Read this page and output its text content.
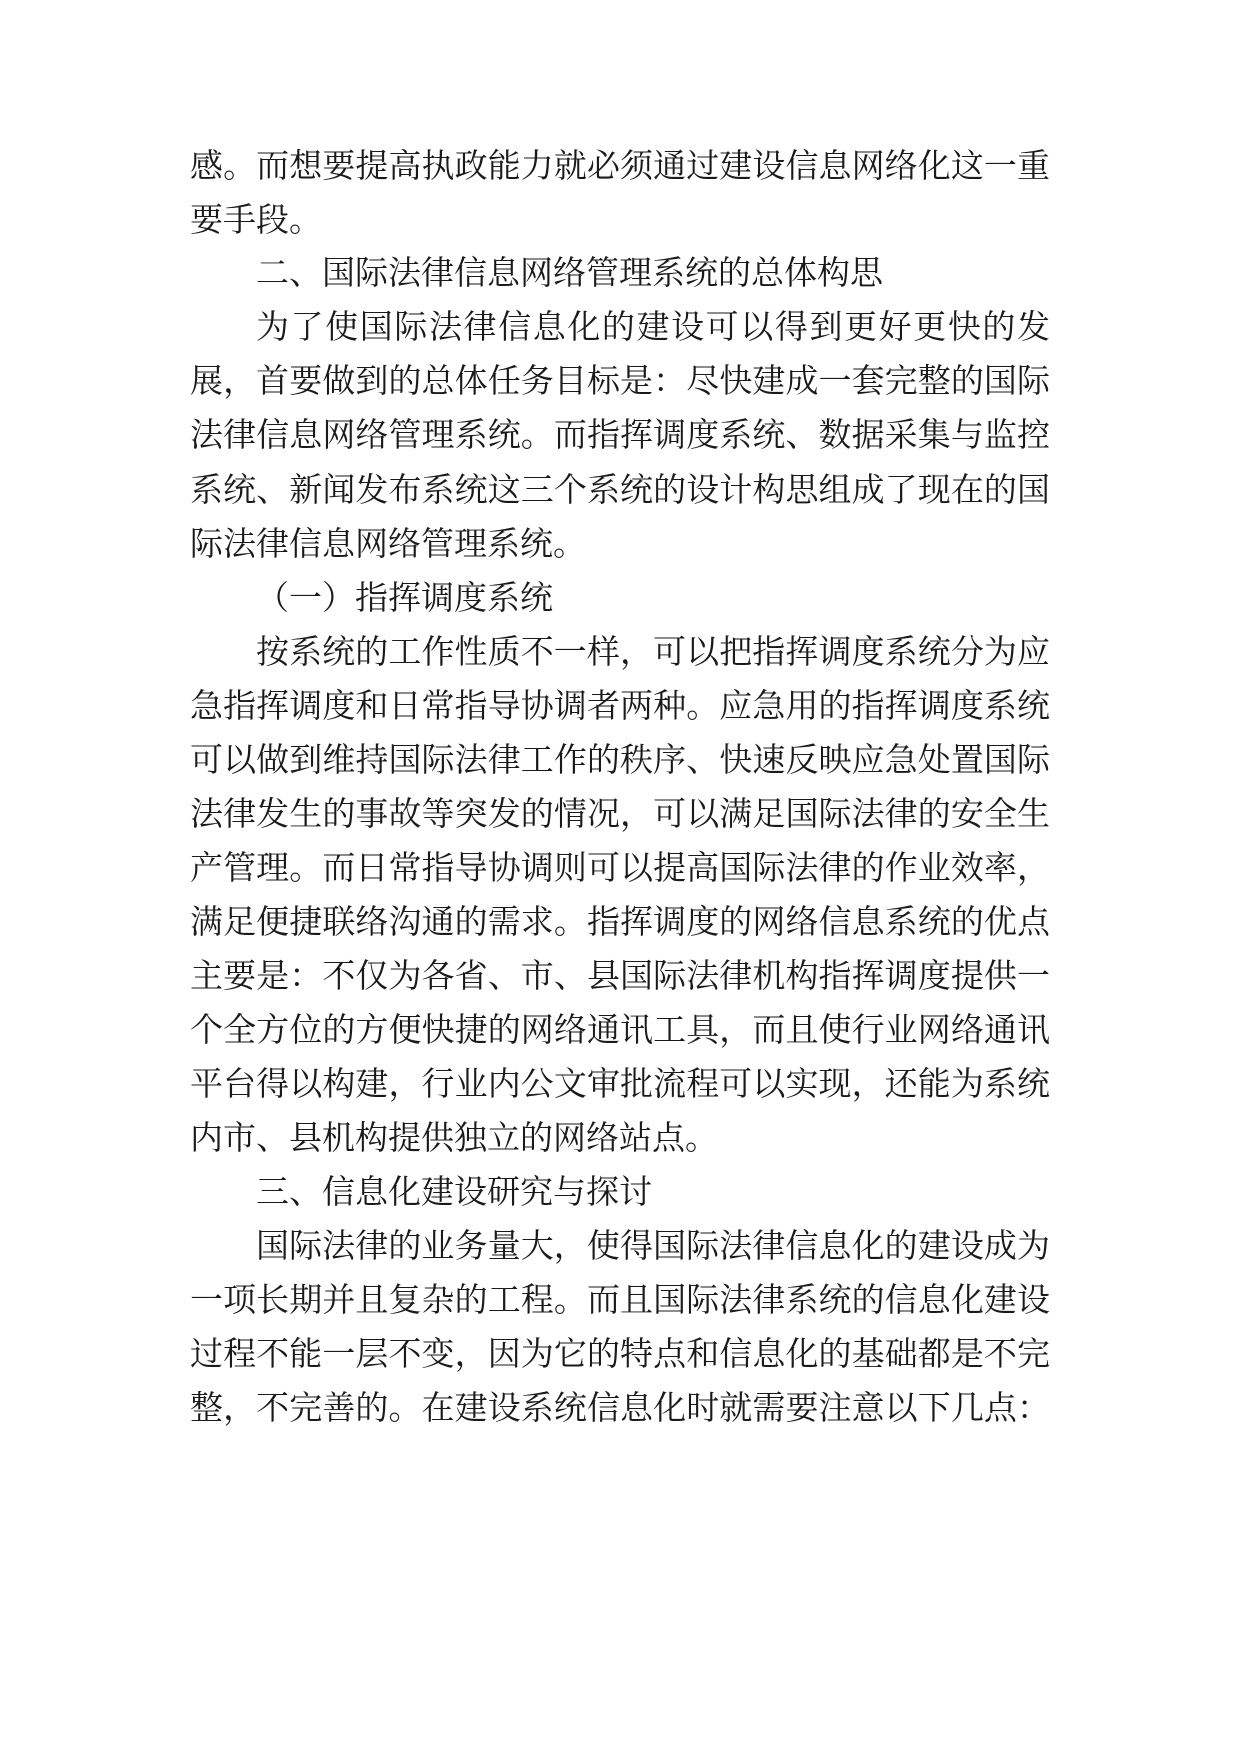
感。而想要提高执政能力就必须通过建设信息网络化这一重
要手段。
二、国际法律信息网络管理系统的总体构思
为了使国际法律信息化的建设可以得到更好更快的发
展，首要做到的总体任务目标是：尽快建成一套完整的国际
法律信息网络管理系统。而指挥调度系统、数据采集与监控
系统、新闻发布系统这三个系统的设计构思组成了现在的国
际法律信息网络管理系统。
（一）指挥调度系统
按系统的工作性质不一样，可以把指挥调度系统分为应
急指挥调度和日常指导协调者两种。应急用的指挥调度系统
可以做到维持国际法律工作的秩序、快速反映应急处置国际
法律发生的事故等突发的情况，可以满足国际法律的安全生
产管理。而日常指导协调则可以提高国际法律的作业效率，
满足便捷联络沟通的需求。指挥调度的网络信息系统的优点
主要是：不仅为各省、市、县国际法律机构指挥调度提供一
个全方位的方便快捷的网络通讯工具，而且使行业网络通讯
平台得以构建，行业内公文审批流程可以实现，还能为系统
内市、县机构提供独立的网络站点。
三、信息化建设研究与探讨
国际法律的业务量大，使得国际法律信息化的建设成为
一项长期并且复杂的工程。而且国际法律系统的信息化建设
过程不能一层不变，因为它的特点和信息化的基础都是不完
整，不完善的。在建设系统信息化时就需要注意以下几点：
